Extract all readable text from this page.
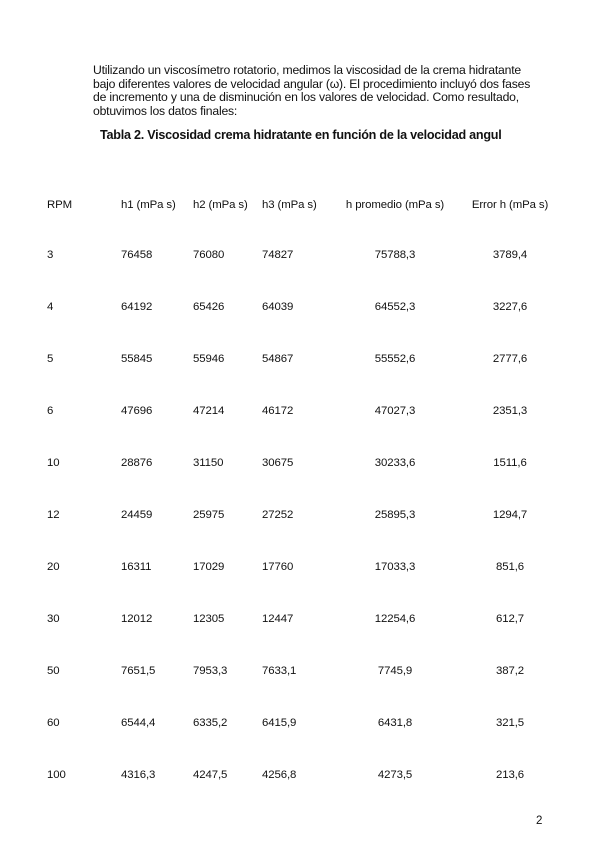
Utilizando un viscosímetro rotatorio, medimos la viscosidad de la crema hidratante

bajo diferentes valores de velocidad angular (ω). El procedimiento incluyó dos fases

de incremento y una de disminución en los valores de velocidad. Como resultado,

obtuvimos los datos finales:

Tabla 2. Viscosidad crema hidratante en función de la velocidad angul
RPM	h1 (mPa s)	h2 (mPa s)	h3 (mPa s)	h promedio (mPa s)	Error h (mPa s)
3	76458	76080	74827	75788,3	3789,4
4	64192	65426	64039	64552,3	3227,6
5	55845	55946	54867	55552,6	2777,6
6	47696	47214	46172	47027,3	2351,3
10	28876	31150	30675	30233,6	1511,6
12	24459	25975	27252	25895,3	1294,7
20	16311	17029	17760	17033,3	851,6
30	12012	12305	12447	12254,6	612,7
50	7651,5	7953,3	7633,1	7745,9	387,2
60	6544,4	6335,2	6415,9	6431,8	321,5
100	4316,3	4247,5	4256,8	4273,5	213,6
2
